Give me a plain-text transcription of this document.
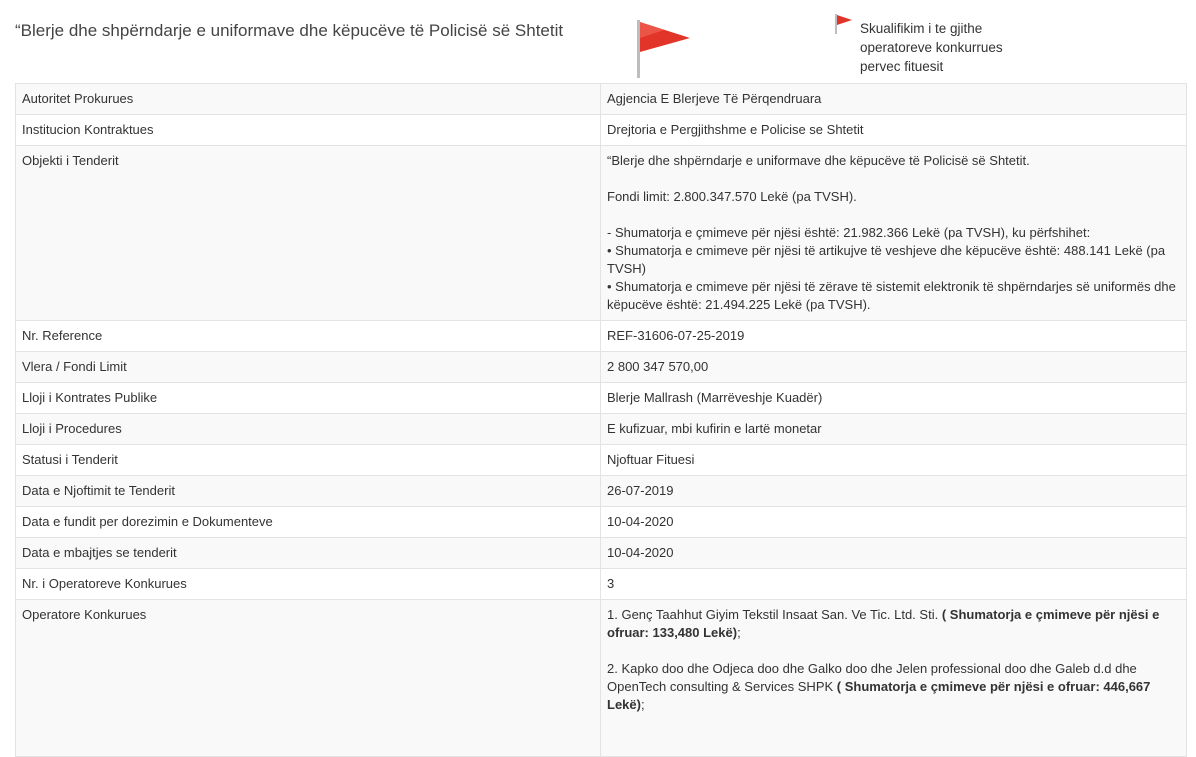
“Blerje dhe shpërndarje e uniformave dhe këpucëve të Policisë së Shtetit	Skualifikim i te gjithe operatoreve konkurrues pervec fituesit
Autoritet Prokurues	Agjencia E Blerjeve Të Përqendruara
Institucion Kontraktues	Drejtoria e Pergjithshme e Policise se Shtetit
Objekti i Tenderit	“Blerje dhe shpërndarje e uniformave dhe këpucëve të Policisë së Shtetit.
Fondi limit: 2.800.347.570 Lekë (pa TVSH).
- Shumatorja e çmimeve për njësi është: 21.982.366 Lekë (pa TVSH), ku përfshihet:
• Shumatorja e cmimeve për njësi të artikujve të veshjeve dhe këpucëve është: 488.141 Lekë (pa TVSH)
• Shumatorja e cmimeve për njësi të zërave të sistemit elektronik të shpërndarjes së uniformës dhe këpucëve është: 21.494.225 Lekë (pa TVSH).

Nr. Reference	REF-31606-07-25-2019
Vlera / Fondi Limit	2 800 347 570,00
Lloji i Kontrates Publike	Blerje Mallrash (Marrëveshje Kuadër)
Lloji i Procedures	E kufizuar, mbi kufirin e lartë monetar
Statusi i Tenderit	Njoftuar Fituesi
Data e Njoftimit te Tenderit	26-07-2019
Data e fundit per dorezimin e Dokumenteve	10-04-2020
Data e mbajtjes se tenderit	10-04-2020
Nr. i Operatoreve Konkurues	3
Operatore Konkurues	1. Genç Taahhut Giyim Tekstil Insaat San. Ve Tic. Ltd. Sti. ( Shumatorja e çmimeve për njësi e ofruar: 133,480 Lekë);
2. Kapko doo dhe Odjeca doo dhe Galko doo dhe Jelen professional doo dhe Galeb d.d dhe OpenTech consulting & Services SHPK ( Shumatorja e çmimeve për njësi e ofruar: 446,667 Lekë);
